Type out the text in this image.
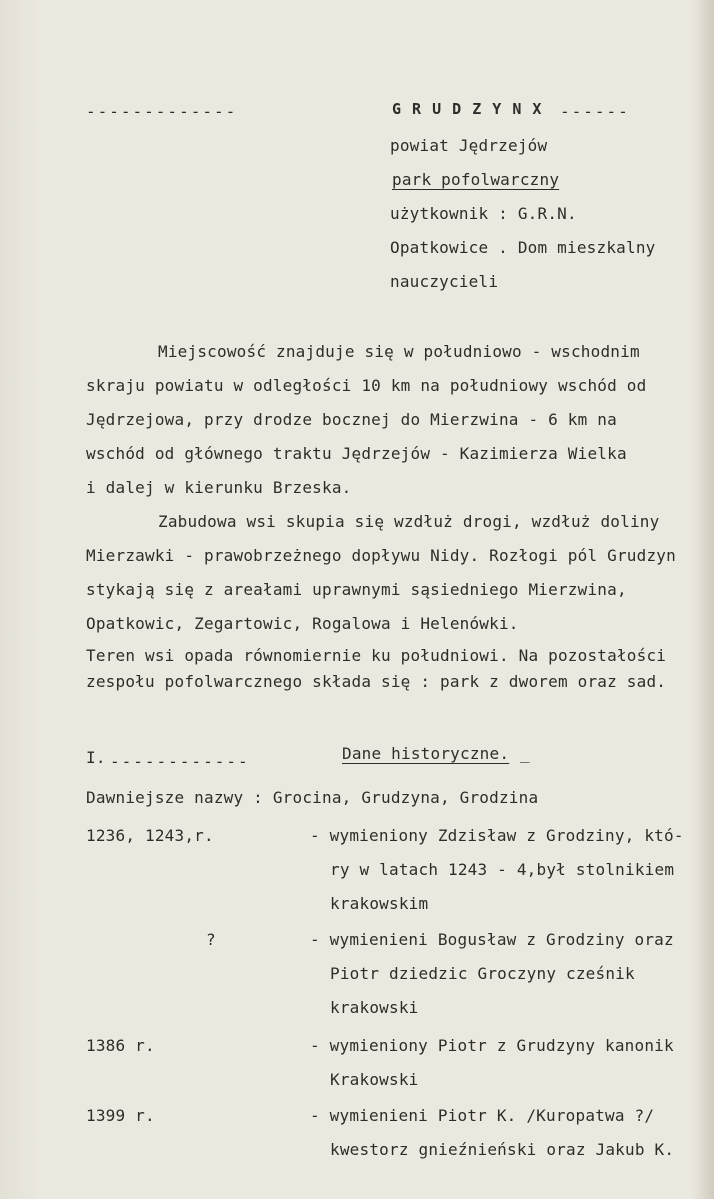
-------------	G R U D Z Y N X ------
powiat Jędrzejów
park pofolwarczny
użytkownik : G.R.N.
Opatkowice . Dom mieszkalny
nauczycieli
Miejscowość znajduje się w południowo - wschodnim
skraju powiatu w odległości 10 km na południowy wschód od
Jędrzejowa, przy drodze bocznej do Mierzwina - 6 km na
wschód od głównego traktu Jędrzejów - Kazimierza Wielka
i dalej w kierunku Brzeska.
Zabudowa wsi skupia się wzdłuż drogi, wzdłuż doliny
Mierzawki - prawobrzeżnego dopływu Nidy. Rozłogi pól Grudzyn
stykają się z areałami uprawnymi sąsiedniego Mierzwina,
Opatkowic, Zegartowic, Rogalowa i Helenówki.
Teren wsi opada równomiernie ku południowi. Na pozostałości
zespołu pofolwarcznego składa się : park z dworem oraz sad.
I. ------------	Dane historyczne. _
Dawniejsze nazwy : Grocina, Grudzyna, Grodzina
1236, 1243,r.	- wymieniony Zdzisław z Grodziny, któ-
ry w latach 1243 - 4,był stolnikiem
krakowskim
?	- wymienieni Bogusław z Grodziny oraz
Piotr dziedzic Groczyny cześnik
krakowski
1386 r.	- wymieniony Piotr z Grudzyny kanonik
Krakowski
1399 r.	- wymienieni Piotr K. /Kuropatwa ?/
kwestorz gnieźnieński oraz Jakub K.
